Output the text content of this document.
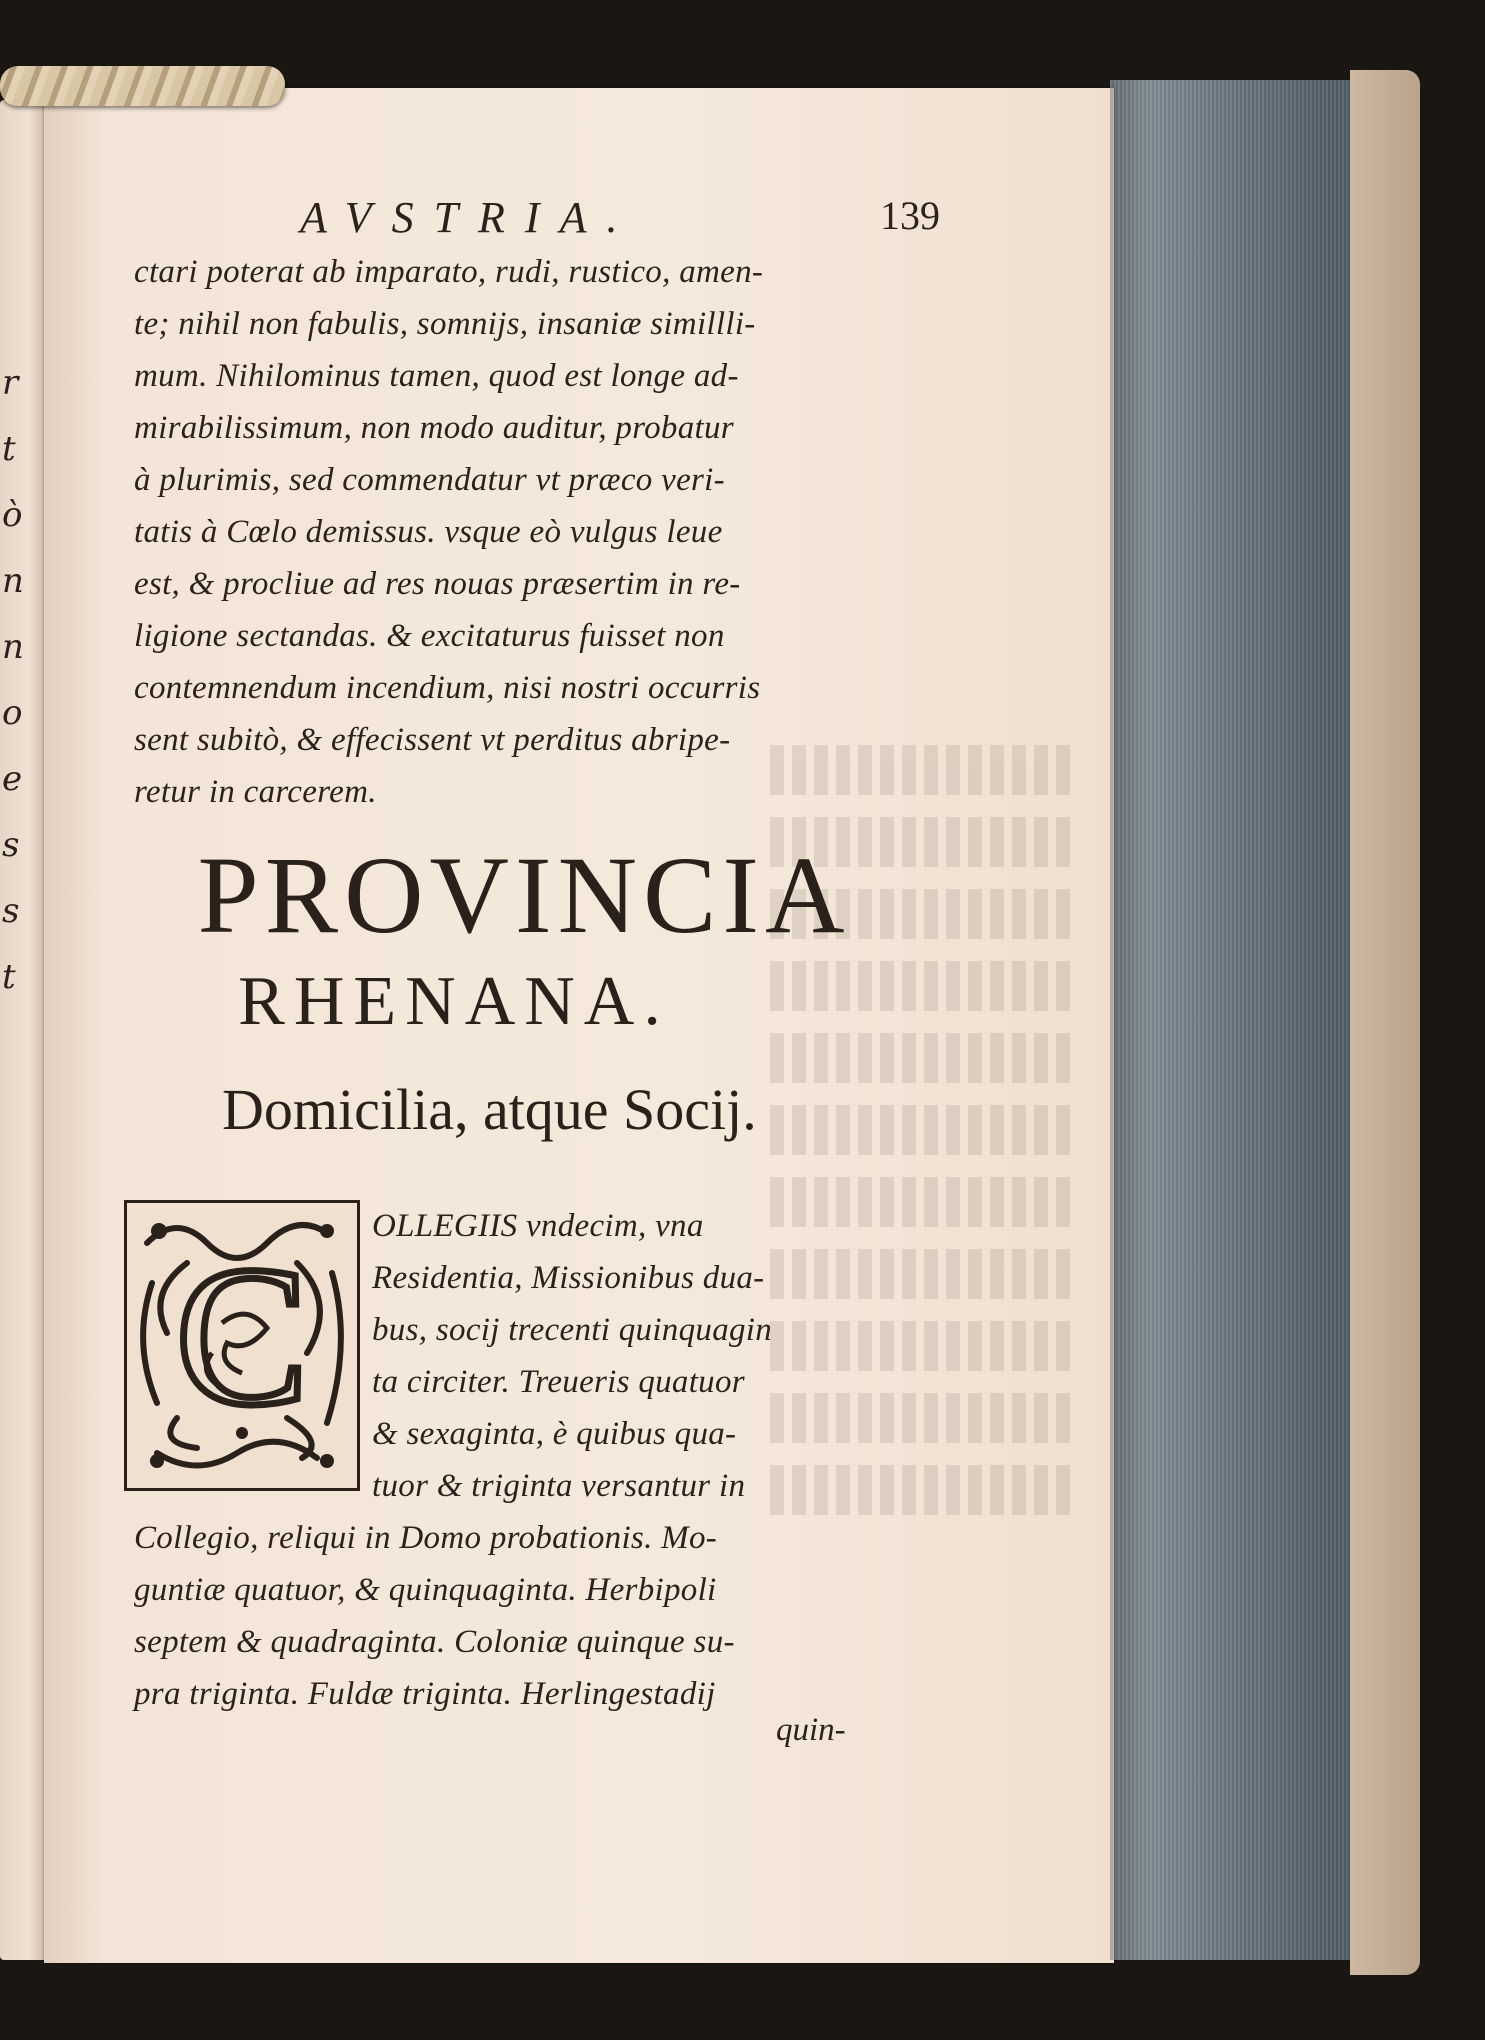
r
t
ò
n
n
o
e
s
s
t
AVSTRIA.	139
ctari poterat ab imparato, rudi, rustico, amen-
te; nihil non fabulis, somnijs, insaniæ simillli-
mum. Nihilominus tamen, quod est longe ad-
mirabilissimum, non modo auditur, probatur
à plurimis, sed commendatur vt præco veri-
tatis à Cœlo demissus. vsque eò vulgus leue
est, & procliue ad res nouas præsertim in re-
ligione sectandas. & excitaturus fuisset non
contemnendum incendium, nisi nostri occurris
sent subitò, & effecissent vt perditus abripe-
retur in carcerem.
PROVINCIA
RHENANA.
Domicilia, atque Socij.
C OLLEGIIS vndecim, vna
Residentia, Missionibus dua-
bus, socij trecenti quinquagin
ta circiter. Treueris quatuor
& sexaginta, è quibus qua-
tuor & triginta versantur in
Collegio, reliqui in Domo probationis. Mo-
guntiæ quatuor, & quinquaginta. Herbipoli
septem & quadraginta. Coloniæ quinque su-
pra triginta. Fuldæ triginta. Herlingestadij
quin-
